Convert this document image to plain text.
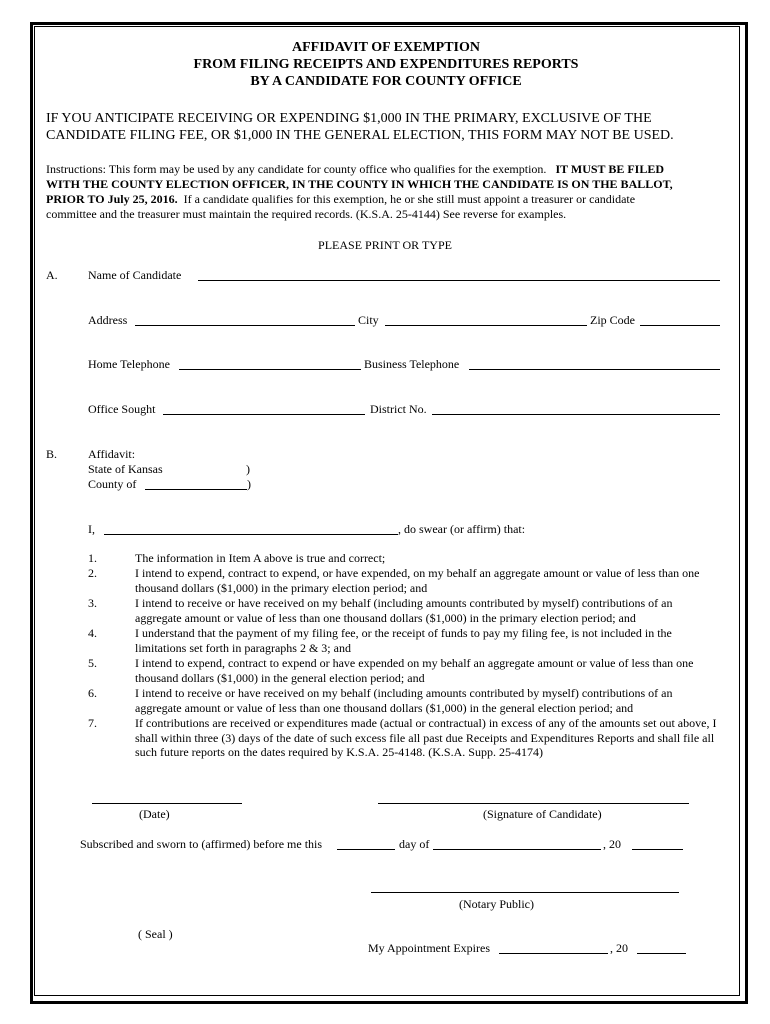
AFFIDAVIT OF EXEMPTION
FROM FILING RECEIPTS AND EXPENDITURES REPORTS
BY A CANDIDATE FOR COUNTY OFFICE
IF YOU ANTICIPATE RECEIVING OR EXPENDING $1,000 IN THE PRIMARY, EXCLUSIVE OF THE
CANDIDATE FILING FEE, OR $1,000 IN THE GENERAL ELECTION, THIS FORM MAY NOT BE USED.
Instructions: This form may be used by any candidate for county office who qualifies for the exemption. IT MUST BE FILED
WITH THE COUNTY ELECTION OFFICER, IN THE COUNTY IN WHICH THE CANDIDATE IS ON THE BALLOT,
PRIOR TO July 25, 2016. If a candidate qualifies for this exemption, he or she still must appoint a treasurer or candidate
committee and the treasurer must maintain the required records. (K.S.A. 25-4144) See reverse for examples.
PLEASE PRINT OR TYPE
A.	Name of Candidate
Address	City	Zip Code
Home Telephone	Business Telephone
Office Sought	District No.
B.	Affidavit:
State of Kansas	)
County of	)
I,	, do swear (or affirm) that:
1.	The information in Item A above is true and correct;
2.	I intend to expend, contract to expend, or have expended, on my behalf an aggregate amount or value of less than one thousand dollars ($1,000) in the primary election period; and
3.	I intend to receive or have received on my behalf (including amounts contributed by myself) contributions of an aggregate amount or value of less than one thousand dollars ($1,000) in the primary election period; and
4.	I understand that the payment of my filing fee, or the receipt of funds to pay my filing fee, is not included in the limitations set forth in paragraphs 2 & 3; and
5.	I intend to expend, contract to expend or have expended on my behalf an aggregate amount or value of less than one thousand dollars ($1,000) in the general election period; and
6.	I intend to receive or have received on my behalf (including amounts contributed by myself) contributions of an aggregate amount or value of less than one thousand dollars ($1,000) in the general election period; and
7.	If contributions are received or expenditures made (actual or contractual) in excess of any of the amounts set out above, I shall within three (3) days of the date of such excess file all past due Receipts and Expenditures Reports and shall file all such future reports on the dates required by K.S.A. 25-4148. (K.S.A. Supp. 25-4174)
(Date)	(Signature of Candidate)
Subscribed and sworn to (affirmed) before me this	day of	, 20
(Notary Public)
( Seal )
My Appointment Expires	, 20
